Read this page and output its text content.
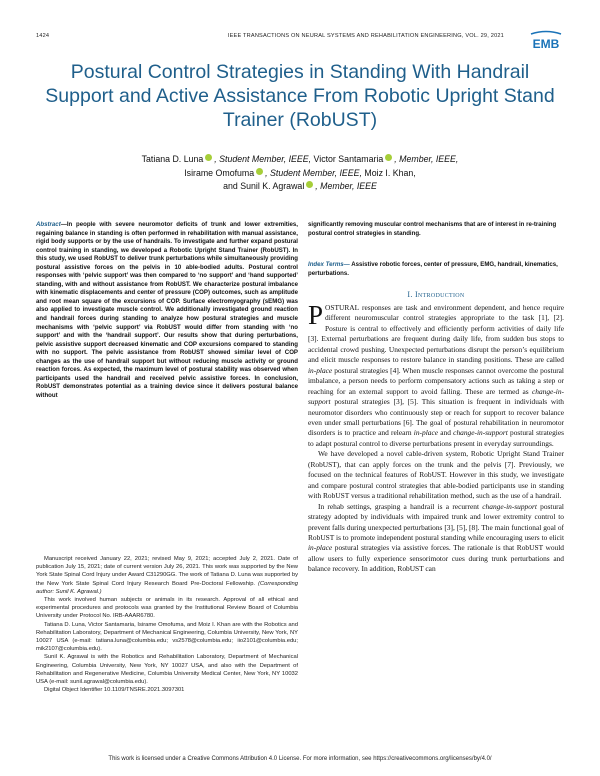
1424	IEEE TRANSACTIONS ON NEURAL SYSTEMS AND REHABILITATION ENGINEERING, VOL. 29, 2021
EMB
Postural Control Strategies in Standing With Handrail Support and Active Assistance From Robotic Upright Stand Trainer (RobUST)
Tatiana D. Luna , Student Member, IEEE, Victor Santamaria , Member, IEEE,
Isirame Omofuma , Student Member, IEEE, Moiz I. Khan,
and Sunil K. Agrawal , Member, IEEE
Abstract—In people with severe neuromotor deficits of trunk and lower extremities, regaining balance in standing is often performed in rehabilitation with manual assistance, rigid body supports or by the use of handrails. To investigate and further expand postural control training in standing, we developed a Robotic Upright Stand Trainer (RobUST). In this study, we used RobUST to deliver trunk perturbations while simultaneously providing postural assistive forces on the pelvis in 10 able-bodied adults. Postural control responses with ‘pelvic support’ was then compared to ‘no support’ and ‘hand supported’ standing, with and without assistance from RobUST. We characterize postural imbalance with kinematic displacements and center of pressure (COP) outcomes, such as amplitude and root mean square of the excursions of COP. Surface electromyography (sEMG) was also applied to investigate muscle control. We additionally investigated ground reaction and handrail forces during standing to analyze how postural strategies and muscle mechanisms with ‘pelvic support’ via RobUST would differ from standing with ‘no support’ and with the ‘handrail support’. Our results show that during perturbations, pelvic assistive support decreased kinematic and COP excursions compared to standing with no support. The pelvic assistance from RobUST showed similar level of COP changes as the use of handrail support but without reducing muscle activity or ground reaction forces. As expected, the maximum level of postural stability was observed when participants used the handrail and received pelvic assistive forces. In conclusion, RobUST demonstrates potential as a training device since it delivers postural balance without
significantly removing muscular control mechanisms that are of interest in re-training postural control strategies in standing.
Index Terms— Assistive robotic forces, center of pressure, EMG, handrail, kinematics, perturbations.
I. Introduction

POSTURAL responses are task and environment dependent, and hence require different neuromuscular control strategies appropriate to the task [1], [2]. Posture is central to effectively and efficiently perform activities of daily life [3]. External perturbations are frequent during daily life, from sudden bus stops to accidental crowd pushing. Unexpected perturbations disrupt the person’s equilibrium and elicit muscle responses to restore balance in standing positions. These are called in-place postural strategies [4]. When muscle responses cannot overcome the postural imbalance, a person needs to perform compensatory actions such as taking a step or reaching for an external support to avoid falling. These are termed as change-in-support postural strategies [3], [5]. This situation is frequent in individuals with neuromotor disorders who continuously step or reach for support to recover balance even under small perturbations [6]. The goal of postural rehabilitation in neuromotor disorders is to practice and relearn in-place and change-in-support postural strategies to adapt postural control to diverse perturbations present in everyday surroundings.

We have developed a novel cable-driven system, Robotic Upright Stand Trainer (RobUST), that can apply forces on the trunk and the pelvis [7]. Previously, we focused on the technical features of RobUST. However in this study, we investigate and compare postural control strategies that able-bodied participants use in standing with RobUST versus a traditional rehabilitation method, such as the use of a handrail.

In rehab settings, grasping a handrail is a recurrent change-in-support postural strategy adopted by individuals with impaired trunk and lower extremity control to prevent falls during unexpected perturbations [3], [5], [8]. The main functional goal of RobUST is to promote independent postural standing while encouraging users to elicit in-place postural strategies via assistive forces. The rationale is that RobUST would allow users to fully experience sensorimotor cues during trunk perturbations and balance recovery. In addition, RobUST can

Manuscript received January 22, 2021; revised May 9, 2021; accepted July 2, 2021. Date of publication July 15, 2021; date of current version July 26, 2021. This work was supported by the New York State Spinal Cord Injury under Award C31290GG. The work of Tatiana D. Luna was supported by the New York State Spinal Cord Injury Research Board Pre-Doctoral Fellowship. (Corresponding author: Sunil K. Agrawal.)

This work involved human subjects or animals in its research. Approval of all ethical and experimental procedures and protocols was granted by the Institutional Review Board of Columbia University under Protocol No. IRB-AAAR6780.

Tatiana D. Luna, Victor Santamaria, Isirame Omofuma, and Moiz I. Khan are with the Robotics and Rehabilitation Laboratory, Department of Mechanical Engineering, Columbia University, New York, NY 10027 USA (e-mail: tatiana.luna@columbia.edu; vs2578@columbia.edu; iio2101@columbia.edu; mik2107@columbia.edu).

Sunil K. Agrawal is with the Robotics and Rehabilitation Laboratory, Department of Mechanical Engineering, Columbia University, New York, NY 10027 USA, and also with the Department of Rehabilitation and Regenerative Medicine, Columbia University Medical Center, New York, NY 10032 USA (e-mail: sunil.agrawal@columbia.edu).

Digital Object Identifier 10.1109/TNSRE.2021.3097301

This work is licensed under a Creative Commons Attribution 4.0 License. For more information, see https://creativecommons.org/licenses/by/4.0/
